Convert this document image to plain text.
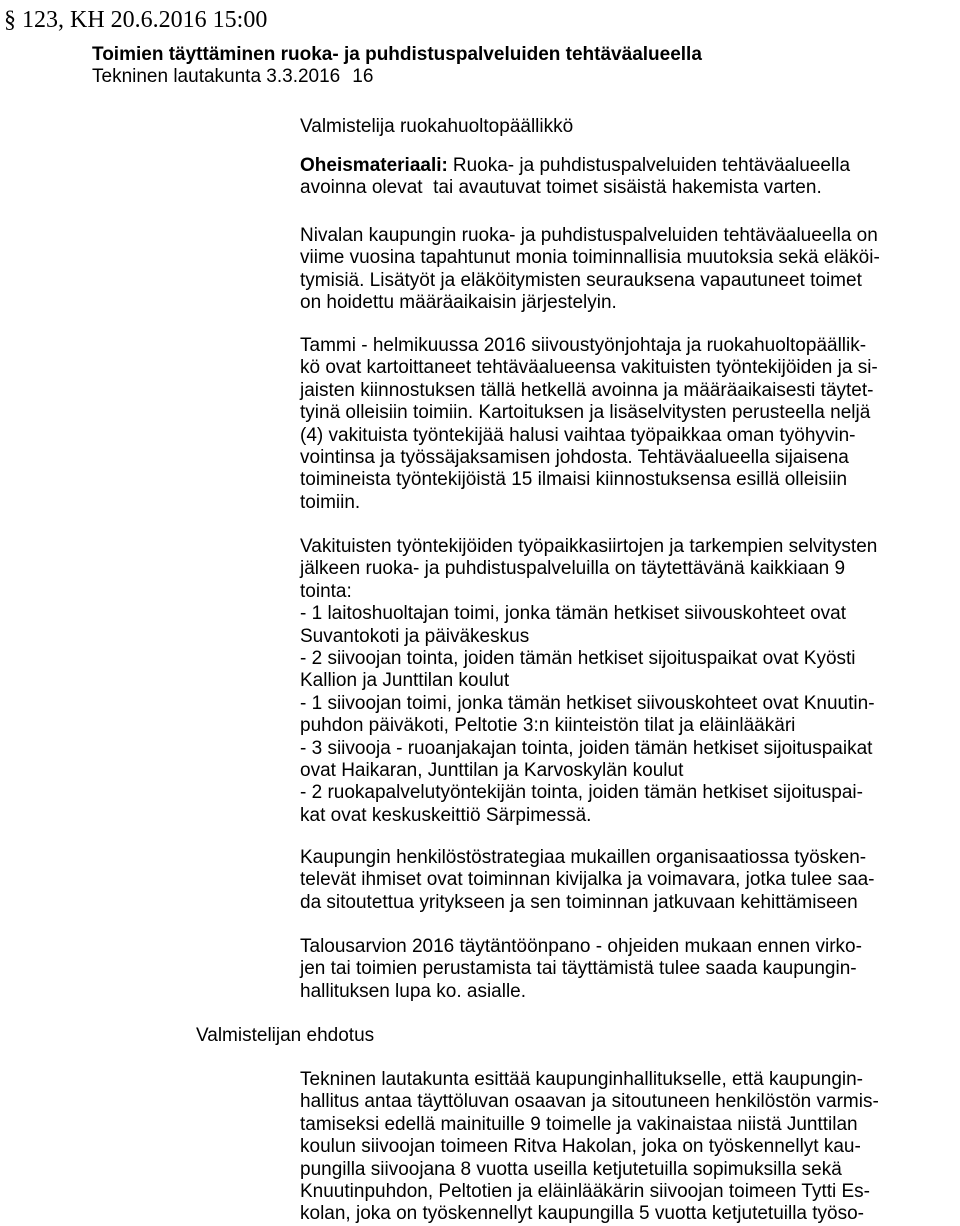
§ 123, KH 20.6.2016 15:00
Toimien täyttäminen ruoka- ja puhdistuspalveluiden tehtäväalueella
Tekninen lautakunta 3.3.2016 16
Valmistelija ruokahuoltopäällikkö
Oheismateriaali: Ruoka- ja puhdistuspalveluiden tehtäväalueella
avoinna olevat  tai avautuvat toimet sisäistä hakemista varten.
Nivalan kaupungin ruoka- ja puhdistuspalveluiden tehtäväalueella on
viime vuosina tapahtunut monia toiminnallisia muutoksia sekä eläköi-
tymisiä. Lisätyöt ja eläköitymisten seurauksena vapautuneet toimet
on hoidettu määräaikaisin järjestelyin.
Tammi - helmikuussa 2016 siivoustyönjohtaja ja ruokahuoltopäällik-
kö ovat kartoittaneet tehtäväalueensa vakituisten työntekijöiden ja si-
jaisten kiinnostuksen tällä hetkellä avoinna ja määräaikaisesti täytet-
tyinä olleisiin toimiin. Kartoituksen ja lisäselvitysten perusteella neljä
(4) vakituista työntekijää halusi vaihtaa työpaikkaa oman työhyvin-
vointinsa ja työssäjaksamisen johdosta. Tehtäväalueella sijaisena
toimineista työntekijöistä 15 ilmaisi kiinnostuksensa esillä olleisiin
toimiin.
Vakituisten työntekijöiden työpaikkasiirtojen ja tarkempien selvitysten
jälkeen ruoka- ja puhdistuspalveluilla on täytettävänä kaikkiaan 9
tointa:
- 1 laitoshuoltajan toimi, jonka tämän hetkiset siivouskohteet ovat
Suvantokoti ja päiväkeskus
- 2 siivoojan tointa, joiden tämän hetkiset sijoituspaikat ovat Kyösti
Kallion ja Junttilan koulut
- 1 siivoojan toimi, jonka tämän hetkiset siivouskohteet ovat Knuutin-
puhdon päiväkoti, Peltotie 3:n kiinteistön tilat ja eläinlääkäri
- 3 siivooja - ruoanjakajan tointa, joiden tämän hetkiset sijoituspaikat
ovat Haikaran, Junttilan ja Karvoskylän koulut
- 2 ruokapalvelutyöntekijän tointa, joiden tämän hetkiset sijoituspai-
kat ovat keskuskeittiö Särpimessä.
Kaupungin henkilöstöstrategiaa mukaillen organisaatiossa työsken-
televät ihmiset ovat toiminnan kivijalka ja voimavara, jotka tulee saa-
da sitoutettua yritykseen ja sen toiminnan jatkuvaan kehittämiseen
Talousarvion 2016 täytäntöönpano - ohjeiden mukaan ennen virko-
jen tai toimien perustamista tai täyttämistä tulee saada kaupungin-
hallituksen lupa ko. asialle.
Valmistelijan ehdotus
Tekninen lautakunta esittää kaupunginhallitukselle, että kaupungin-
hallitus antaa täyttöluvan osaavan ja sitoutuneen henkilöstön varmis-
tamiseksi edellä mainituille 9 toimelle ja vakinaistaa niistä Junttilan
koulun siivoojan toimeen Ritva Hakolan, joka on työskennellyt kau-
pungilla siivoojana 8 vuotta useilla ketjutetuilla sopimuksilla sekä
Knuutinpuhdon, Peltotien ja eläinlääkärin siivoojan toimeen Tytti Es-
kolan, joka on työskennellyt kaupungilla 5 vuotta ketjutetuilla työso-
